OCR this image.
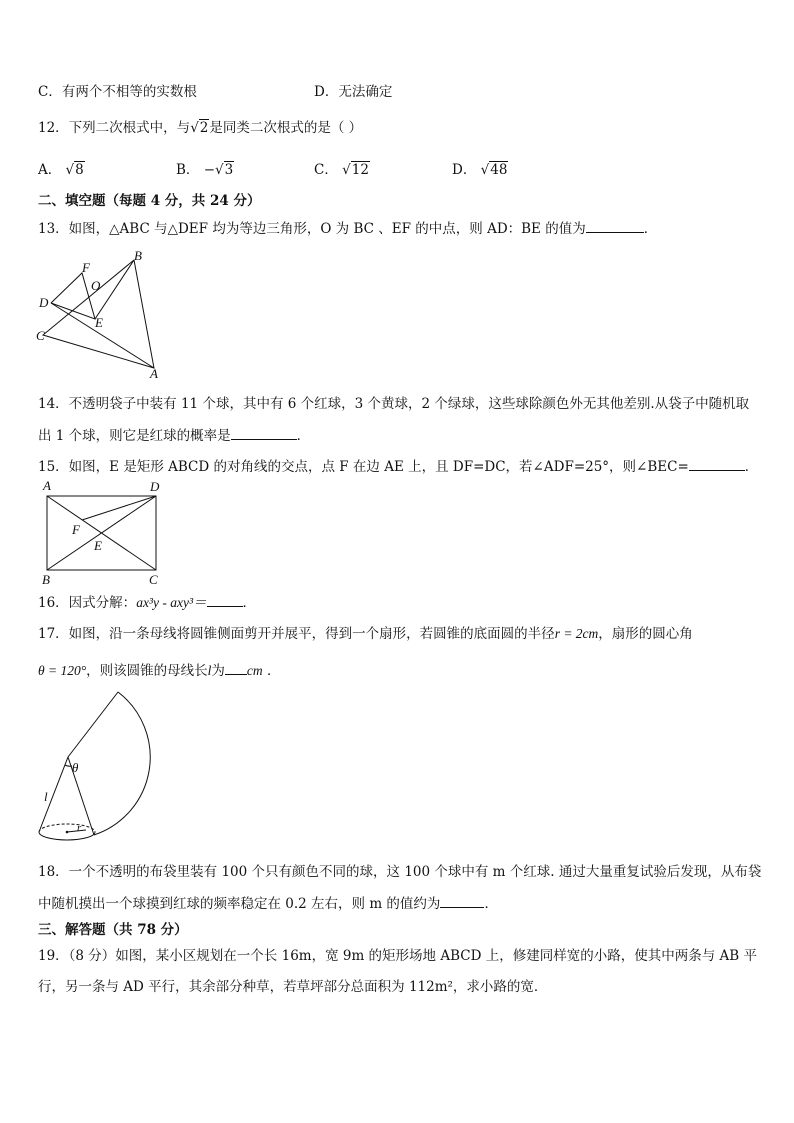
C．有两个不相等的实数根	D．无法确定
12．下列二次根式中，与√2是同类二次根式的是（ ）
A． √8	B． −√3	C． √12	D． √48
二、填空题（每题 4 分，共 24 分）
13．如图，△ABC 与△DEF 均为等边三角形，O 为 BC 、EF 的中点，则 AD：BE 的值为	．
B
F
O
D
E
C
A
14．不透明袋子中装有 11 个球，其中有 6 个红球，3 个黄球，2 个绿球，这些球除颜色外无其他差别.从袋子中随机取
出 1 个球，则它是红球的概率是	．
15．如图，E 是矩形 ABCD 的对角线的交点，点 F 在边 AE 上，且 DF=DC，若∠ADF=25°，则∠BEC=	．
A	D
F
E
B	C
16．因式分解：ax³y - axy³＝	．
17．如图，沿一条母线将圆锥侧面剪开并展平，得到一个扇形，若圆锥的底面圆的半径r = 2cm，扇形的圆心角
θ = 120°，则该圆锥的母线长l为 cm ．
θ
l
r
18．一个不透明的布袋里装有 100 个只有颜色不同的球，这 100 个球中有 m 个红球. 通过大量重复试验后发现，从布袋
中随机摸出一个球摸到红球的频率稳定在 0.2 左右，则 m 的值约为	．
三、解答题（共 78 分）
19．（8 分）如图，某小区规划在一个长 16m，宽 9m 的矩形场地 ABCD 上，修建同样宽的小路，使其中两条与 AB 平
行，另一条与 AD 平行，其余部分种草，若草坪部分总面积为 112m²，求小路的宽．
